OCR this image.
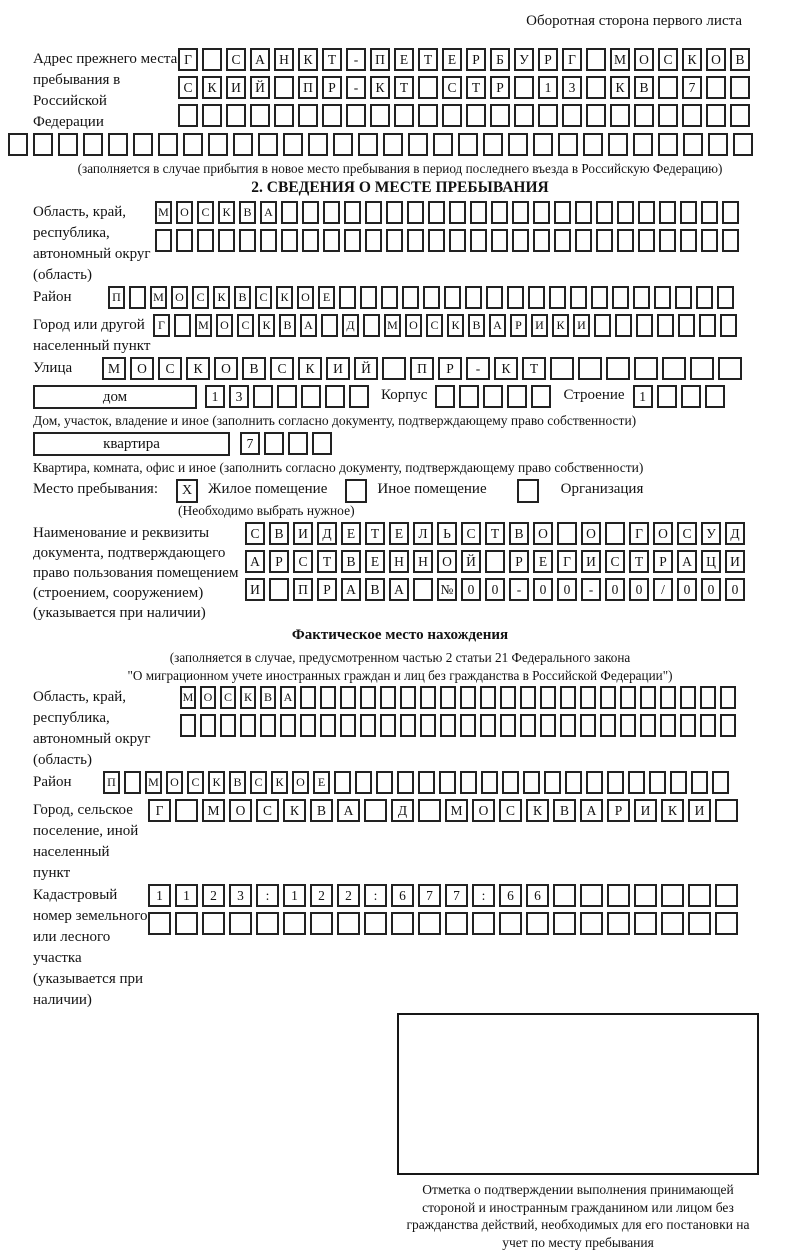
Оборотная сторона первого листа
Адрес прежнего места пребывания в Российской Федерации
Г	С	А	Н	К	Т	-	П	Е	Т	Е	Р	Б	У	Р	Г	М О	С	К	О	В
С	К	И	Й	П	Р	-	К	Т	С	Т	Р	1	3	К	В	7
(заполняется в случае прибытия в новое место пребывания в период последнего въезда в Российскую Федерацию)
2. СВЕДЕНИЯ О МЕСТЕ ПРЕБЫВАНИЯ
Область, край, республика, автономный округ (область)
М О	С	К	В	А
Район	П	М О	С	К	В	С	К	О	Е
Город или другой населенный пункт
Г	М О	С	К	В	А	Д	М О	С	К	В	А	Р	И	К	И
Улица	М	О	С	К	О	В	С	К	И	Й	П	Р	-	К	Т
дом	1	3	Корпус	Строение	1
Дом, участок, владение и иное (заполнить согласно документу, подтверждающему право собственности)
квартира	7
Квартира, комната, офис и иное (заполнить согласно документу, подтверждающему право собственности)
Место пребывания:	X	Жилое помещение	Иное помещение	Организация
(Необходимо выбрать нужное)
Наименование и реквизиты документа, подтверждающего право пользования помещением (строением, сооружением) (указывается при наличии)
С	В	И	Д	Е	Т	Е	Л	Ь	С	Т	В	О	О	Г	О	С	У	Д
А	Р	С	Т	В	Е	Н	Н	О	Й	Р	Е	Г	И	С	Т	Р	А	Ц	И
И	П	Р	А	В	А	№	0	0	-	0	0	-	0	0	/	0	0	0
Фактическое место нахождения
(заполняется в случае, предусмотренном частью 2 статьи 21 Федерального закона
"О миграционном учете иностранных граждан и лиц без гражданства в Российской Федерации")
Область, край, республика, автономный округ (область)
М О С К В А
Район	П	М О	С	К	В	С	К	О	Е
Город, сельское поселение, иной населенный пункт
Г	М	О	С	К	В	А	Д	М	О	С	К	В	А	Р	И	К	И
Кадастровый номер земельного или лесного участка (указывается при наличии)
1	1	2	3	:	1	2	2	:	6	7	7	:	6	6
Отметка о подтверждении выполнения принимающей стороной и иностранным гражданином или лицом без гражданства действий, необходимых для его постановки на учет по месту пребывания
